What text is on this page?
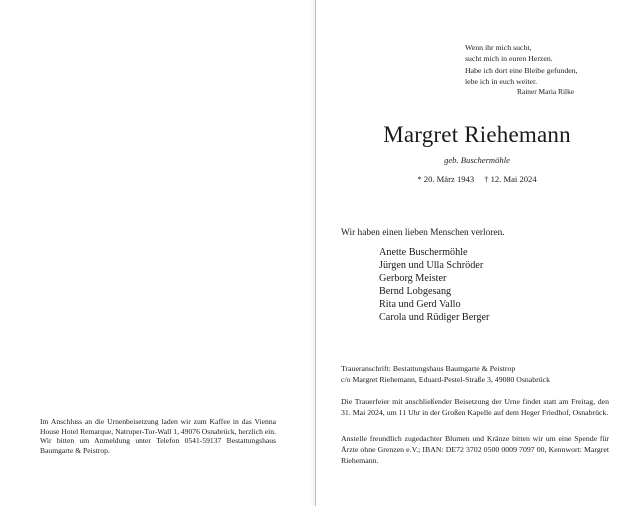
Im Anschluss an die Urnenbeisetzung laden wir zum Kaffee in das Vienna House Hotel Remarque, Natruper-Tor-Wall 1, 49076 Osnabrück, herzlich ein.

Wir bitten um Anmeldung unter Telefon 0541-59137 Bestattungshaus Baumgarte & Peistrop.

Wenn ihr mich sucht,
sucht mich in euren Herzen.
Habe ich dort eine Bleibe gefunden,
lebe ich in euch weiter.
Rainer Maria Rilke
Margret Riehemann
geb. Buschermöhle
* 20. März 1943 † 12. Mai 2024
Wir haben einen lieben Menschen verloren.
Anette Buschermöhle
Jürgen und Ulla Schröder
Gerborg Meister
Bernd Lobgesang
Rita und Gerd Vallo
Carola und Rüdiger Berger
Traueranschrift: Bestattungshaus Baumgarte & Peistrop
c/o Margret Riehemann, Eduard-Pestel-Straße 3, 49080 Osnabrück

Die Trauerfeier mit anschließender Beisetzung der Urne findet statt am Freitag, den 31. Mai 2024, um 11 Uhr in der Großen Kapelle auf dem Heger Friedhof, Osnabrück.

Anstelle freundlich zugedachter Blumen und Kränze bitten wir um eine Spende für Ärzte ohne Grenzen e.V.; IBAN: DE72 3702 0500 0009 7097 00, Kennwort: Margret Riehemann.
